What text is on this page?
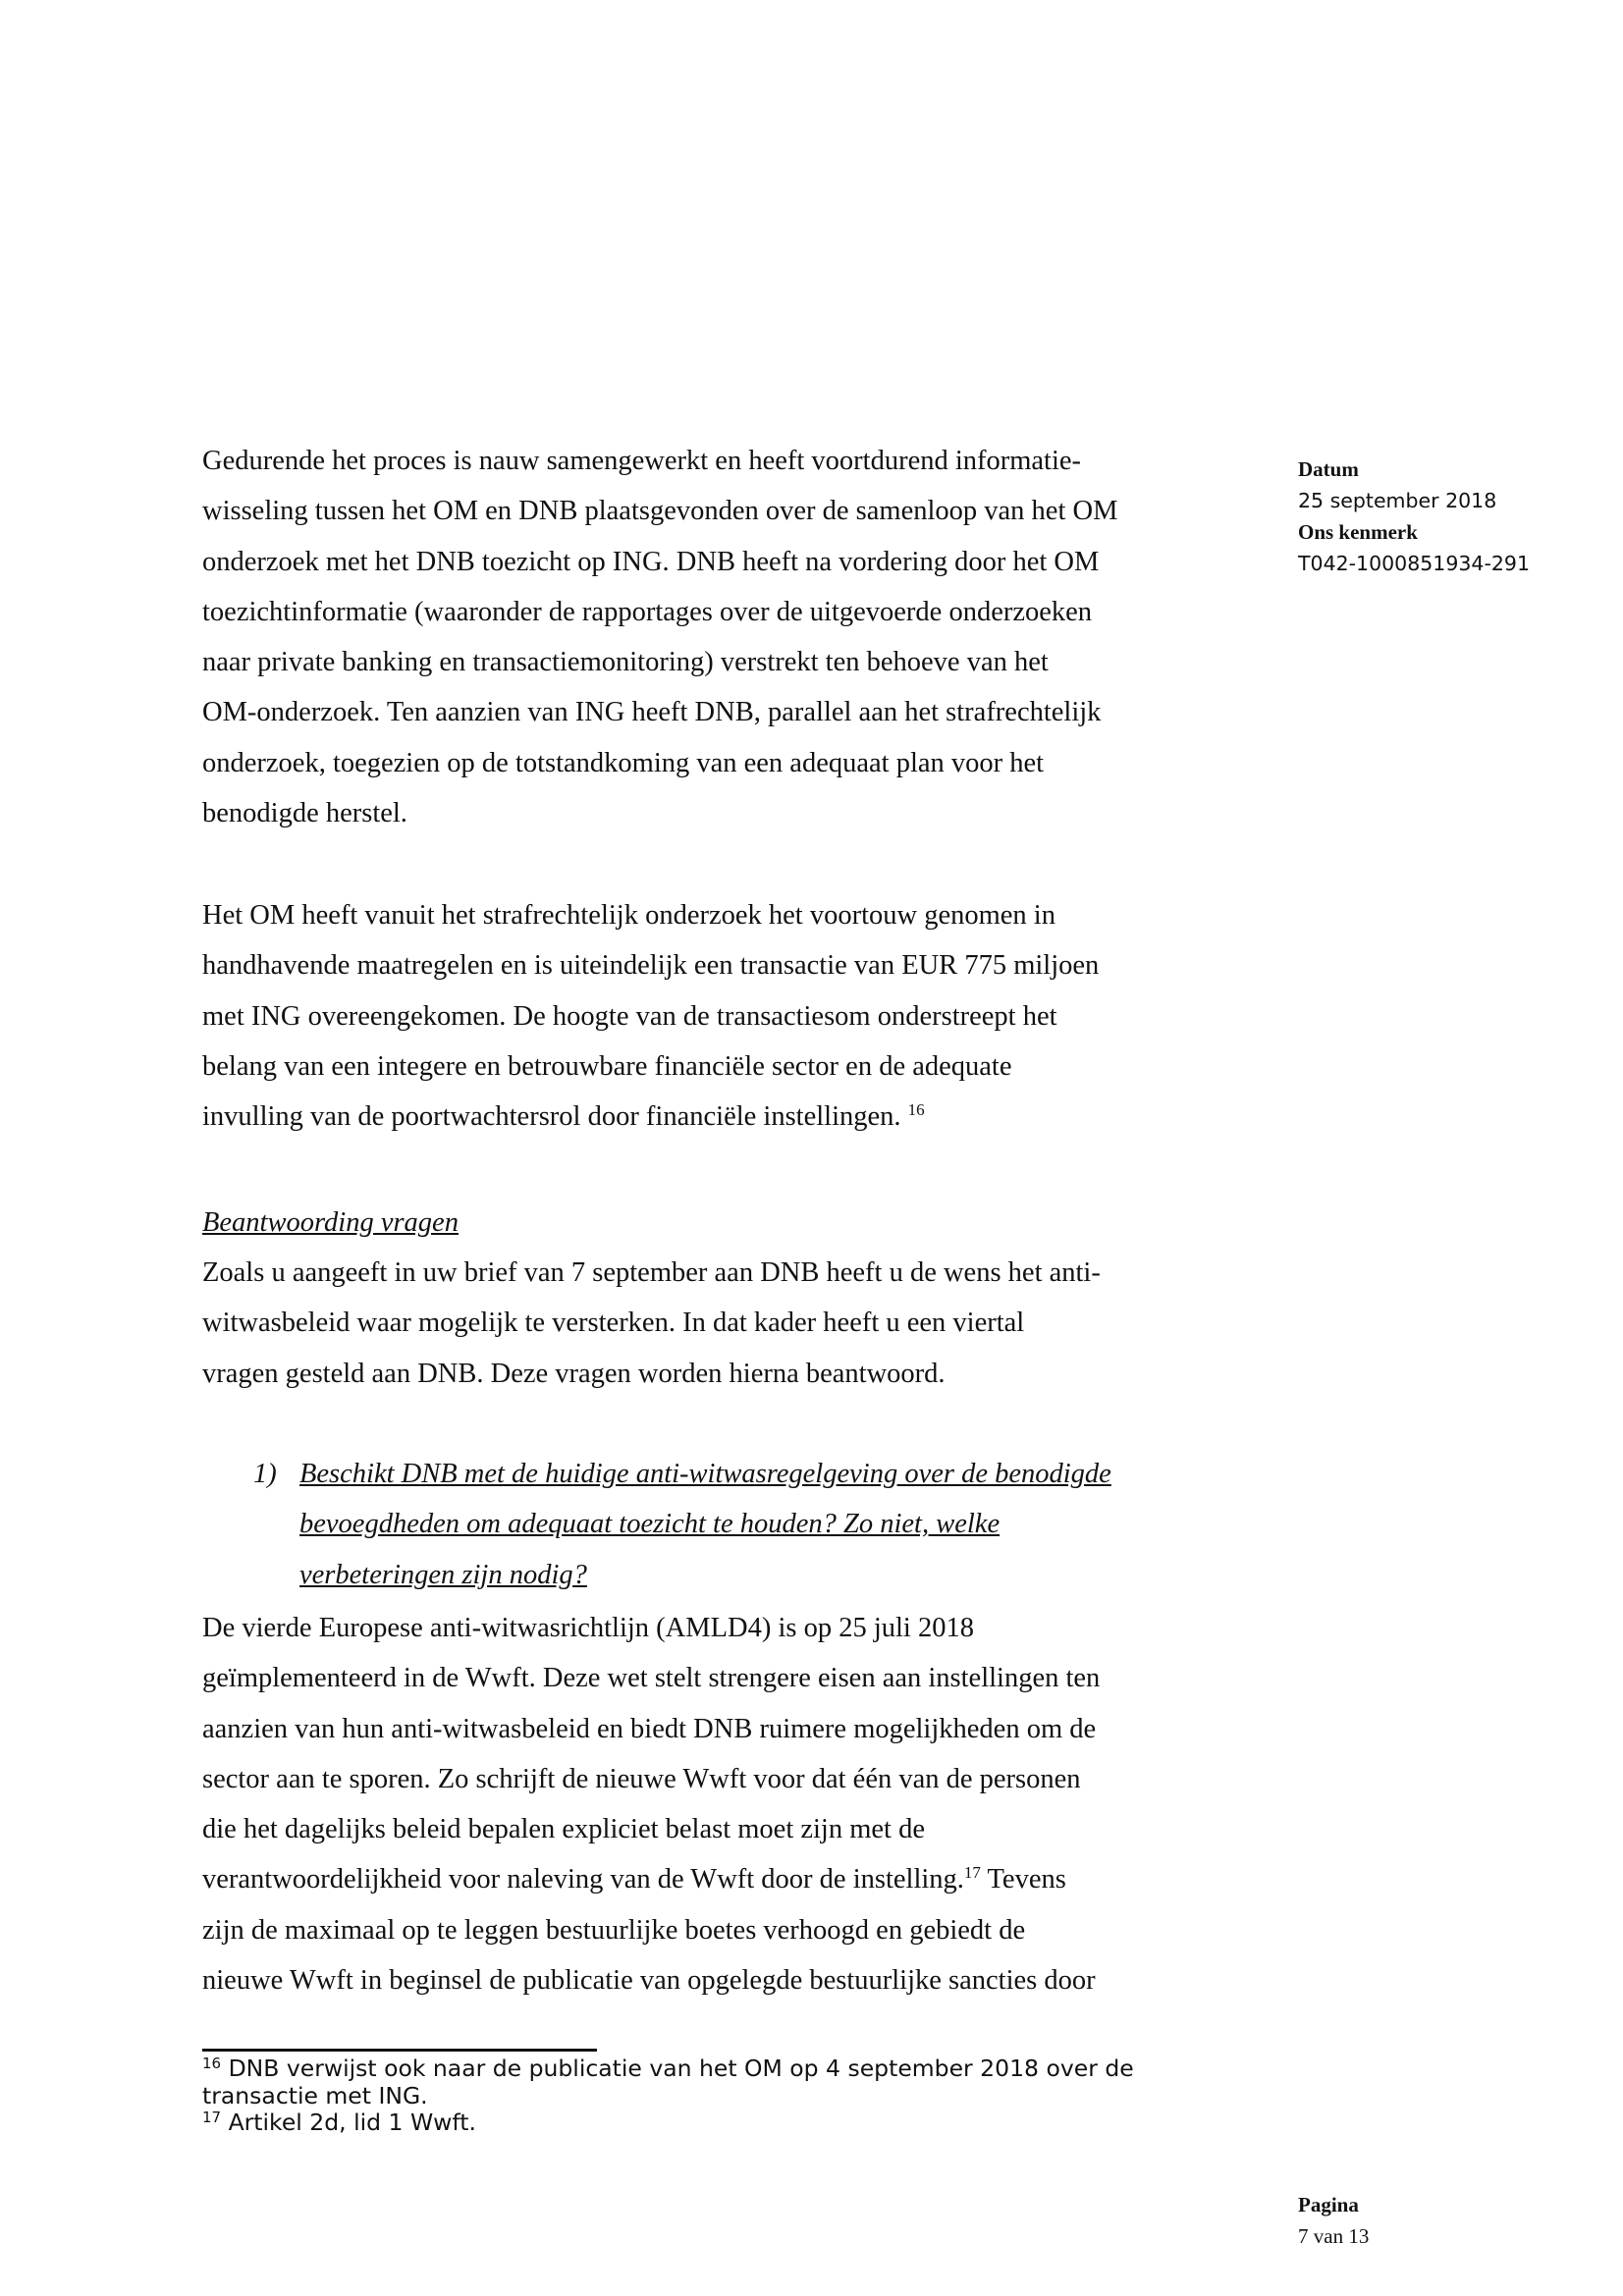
Datum
25 september 2018
Ons kenmerk
T042-1000851934-291
Gedurende het proces is nauw samengewerkt en heeft voortdurend informatie-
wisseling tussen het OM en DNB plaatsgevonden over de samenloop van het OM
onderzoek met het DNB toezicht op ING. DNB heeft na vordering door het OM
toezichtinformatie (waaronder de rapportages over de uitgevoerde onderzoeken
naar private banking en transactiemonitoring) verstrekt ten behoeve van het
OM-onderzoek. Ten aanzien van ING heeft DNB, parallel aan het strafrechtelijk
onderzoek, toegezien op de totstandkoming van een adequaat plan voor het
benodigde herstel.
Het OM heeft vanuit het strafrechtelijk onderzoek het voortouw genomen in
handhavende maatregelen en is uiteindelijk een transactie van EUR 775 miljoen
met ING overeengekomen. De hoogte van de transactiesom onderstreept het
belang van een integere en betrouwbare financiële sector en de adequate
invulling van de poortwachtersrol door financiële instellingen. $^{16}$
Beantwoording vragen
Zoals u aangeeft in uw brief van 7 september aan DNB heeft u de wens het anti-
witwasbeleid waar mogelijk te versterken. In dat kader heeft u een viertal
vragen gesteld aan DNB. Deze vragen worden hierna beantwoord.
1) Beschikt DNB met de huidige anti-witwasregelgeving over de benodigde
bevoegdheden om adequaat toezicht te houden? Zo niet, welke
verbeteringen zijn nodig?
De vierde Europese anti-witwasrichtlijn (AMLD4) is op 25 juli 2018
geïmplementeerd in de Wwft. Deze wet stelt strengere eisen aan instellingen ten
aanzien van hun anti-witwasbeleid en biedt DNB ruimere mogelijkheden om de
sector aan te sporen. Zo schrijft de nieuwe Wwft voor dat één van de personen
die het dagelijks beleid bepalen expliciet belast moet zijn met de
verantwoordelijkheid voor naleving van de Wwft door de instelling.$^{17}$ Tevens
zijn de maximaal op te leggen bestuurlijke boetes verhoogd en gebiedt de
nieuwe Wwft in beginsel de publicatie van opgelegde bestuurlijke sancties door
$^{16}$ DNB verwijst ook naar de publicatie van het OM op 4 september 2018 over de
transactie met ING.
$^{17}$ Artikel 2d, lid 1 Wwft.
Pagina
7 van 13
